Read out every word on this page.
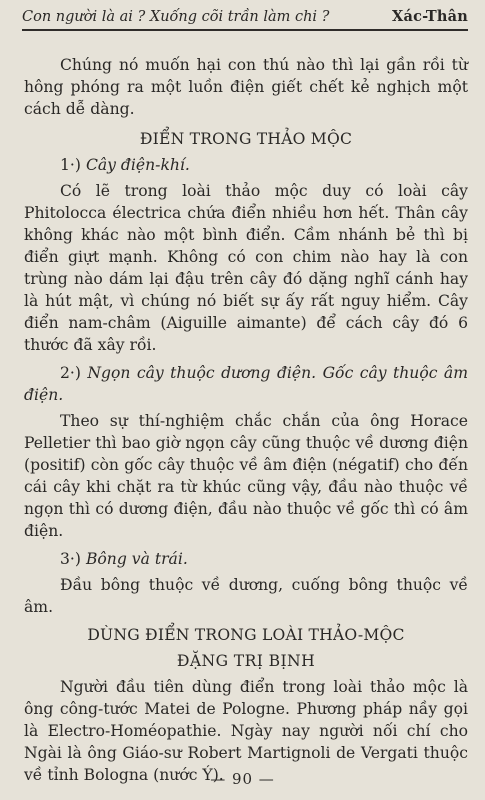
Con người là ai ? Xuống cõi trần làm chi ?	Xác-Thân

Chúng nó muốn hại con thú nào thì lại gần rồi từ hông phóng ra một luồn điện giết chết kẻ nghịch một cách dễ dàng.

ĐIỂN TRONG THẢO MỘC

1·) Cây điện-khí.

Có lẽ trong loài thảo mộc duy có loài cây Phitolocca électrica chứa điển nhiều hơn hết. Thân cây không khác nào một bình điển. Cầm nhánh bẻ thì bị điển giựt mạnh. Không có con chim nào hay là con trùng nào dám lại đậu trên cây đó dặng nghĩ cánh hay là hút mật, vì chúng nó biết sự ấy rất nguy hiểm. Cây điển nam-châm (Aiguille aimante) để cách cây đó 6 thước đã xây rồi.

2·) Ngọn cây thuộc dương điện. Gốc cây thuộc âm điện.

Theo sự thí-nghiệm chắc chắn của ông Horace Pelletier thì bao giờ ngọn cây cũng thuộc về dương điện (positif) còn gốc cây thuộc về âm điện (négatif) cho đến cái cây khi chặt ra từ khúc cũng vậy, đầu nào thuộc về ngọn thì có dương điện, đầu nào thuộc về gốc thì có âm điện.

3·) Bông và trái.

Đầu bông thuộc về dương, cuống bông thuộc về âm.

DÙNG ĐIỂN TRONG LOÀI THẢO-MỘC

ĐẶNG TRỊ BỊNH

Người đầu tiên dùng điển trong loài thảo mộc là ông công-tước Matei de Pologne. Phương pháp nầy gọi là Electro-Homéopathie. Ngày nay người nối chí cho Ngài là ông Giáo-sư Robert Martignoli de Vergati thuộc về tỉnh Bologna (nước Ý).

— 90 —
